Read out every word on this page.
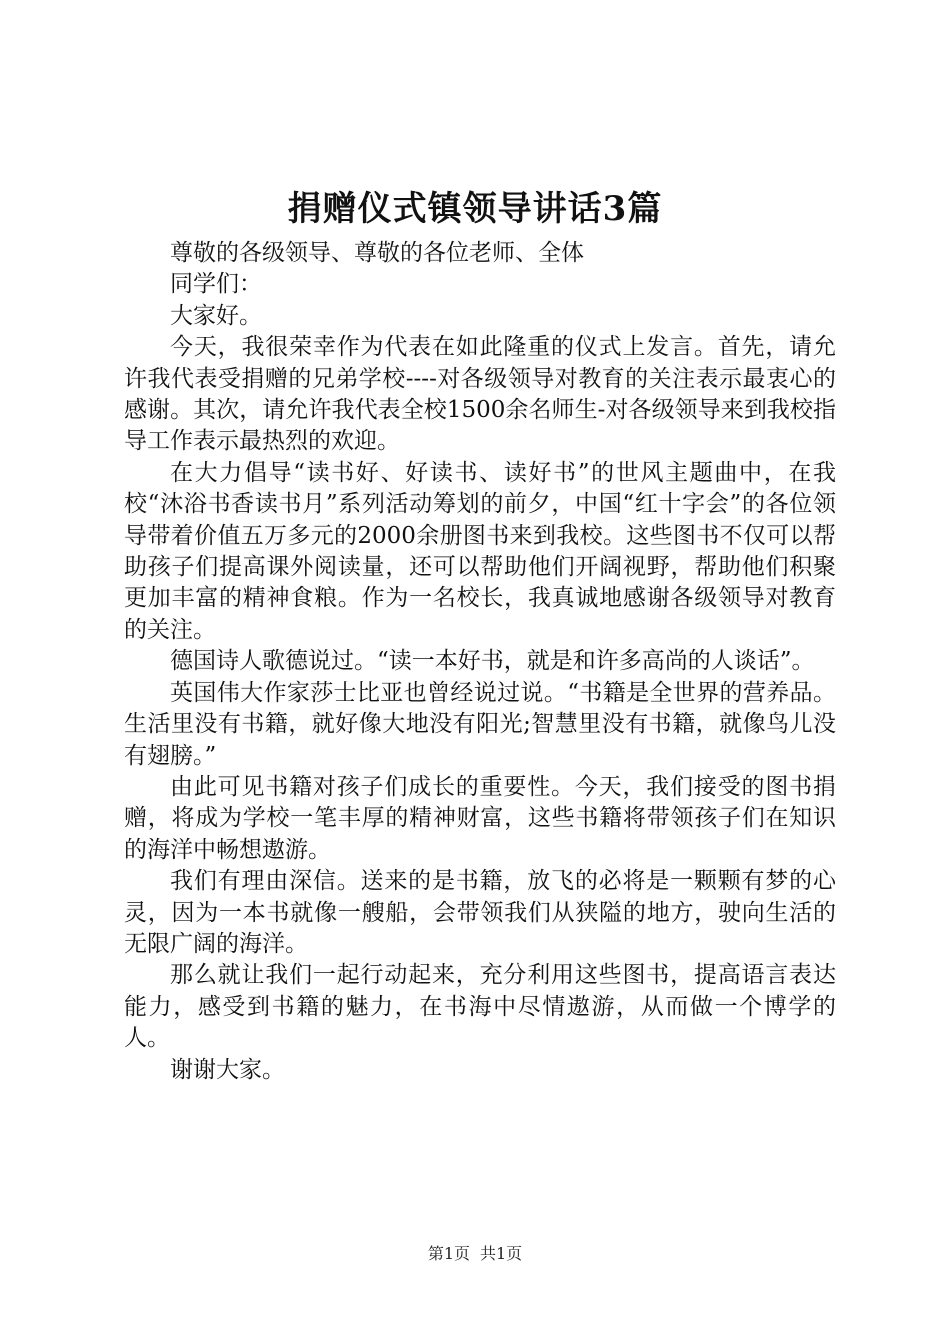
捐赠仪式镇领导讲话3篇

尊敬的各级领导、尊敬的各位老师、全体

同学们：

大家好。

今天，我很荣幸作为代表在如此隆重的仪式上发言。首先，请允许我代表受捐赠的兄弟学校----对各级领导对教育的关注表示最衷心的感谢。其次，请允许我代表全校1500余名师生-对各级领导来到我校指导工作表示最热烈的欢迎。

在大力倡导“读书好、好读书、读好书”的世风主题曲中，在我校“沐浴书香读书月”系列活动筹划的前夕，中国“红十字会”的各位领导带着价值五万多元的2000余册图书来到我校。这些图书不仅可以帮助孩子们提高课外阅读量，还可以帮助他们开阔视野，帮助他们积聚更加丰富的精神食粮。作为一名校长，我真诚地感谢各级领导对教育的关注。

德国诗人歌德说过。“读一本好书，就是和许多高尚的人谈话”。

英国伟大作家莎士比亚也曾经说过说。“书籍是全世界的营养品。生活里没有书籍，就好像大地没有阳光;智慧里没有书籍，就像鸟儿没有翅膀。”

由此可见书籍对孩子们成长的重要性。今天，我们接受的图书捐赠，将成为学校一笔丰厚的精神财富，这些书籍将带领孩子们在知识的海洋中畅想遨游。

我们有理由深信。送来的是书籍，放飞的必将是一颗颗有梦的心灵，因为一本书就像一艘船，会带领我们从狭隘的地方，驶向生活的无限广阔的海洋。

那么就让我们一起行动起来，充分利用这些图书，提高语言表达能力，感受到书籍的魅力，在书海中尽情遨游，从而做一个博学的人。

谢谢大家。

第1页 共1页
